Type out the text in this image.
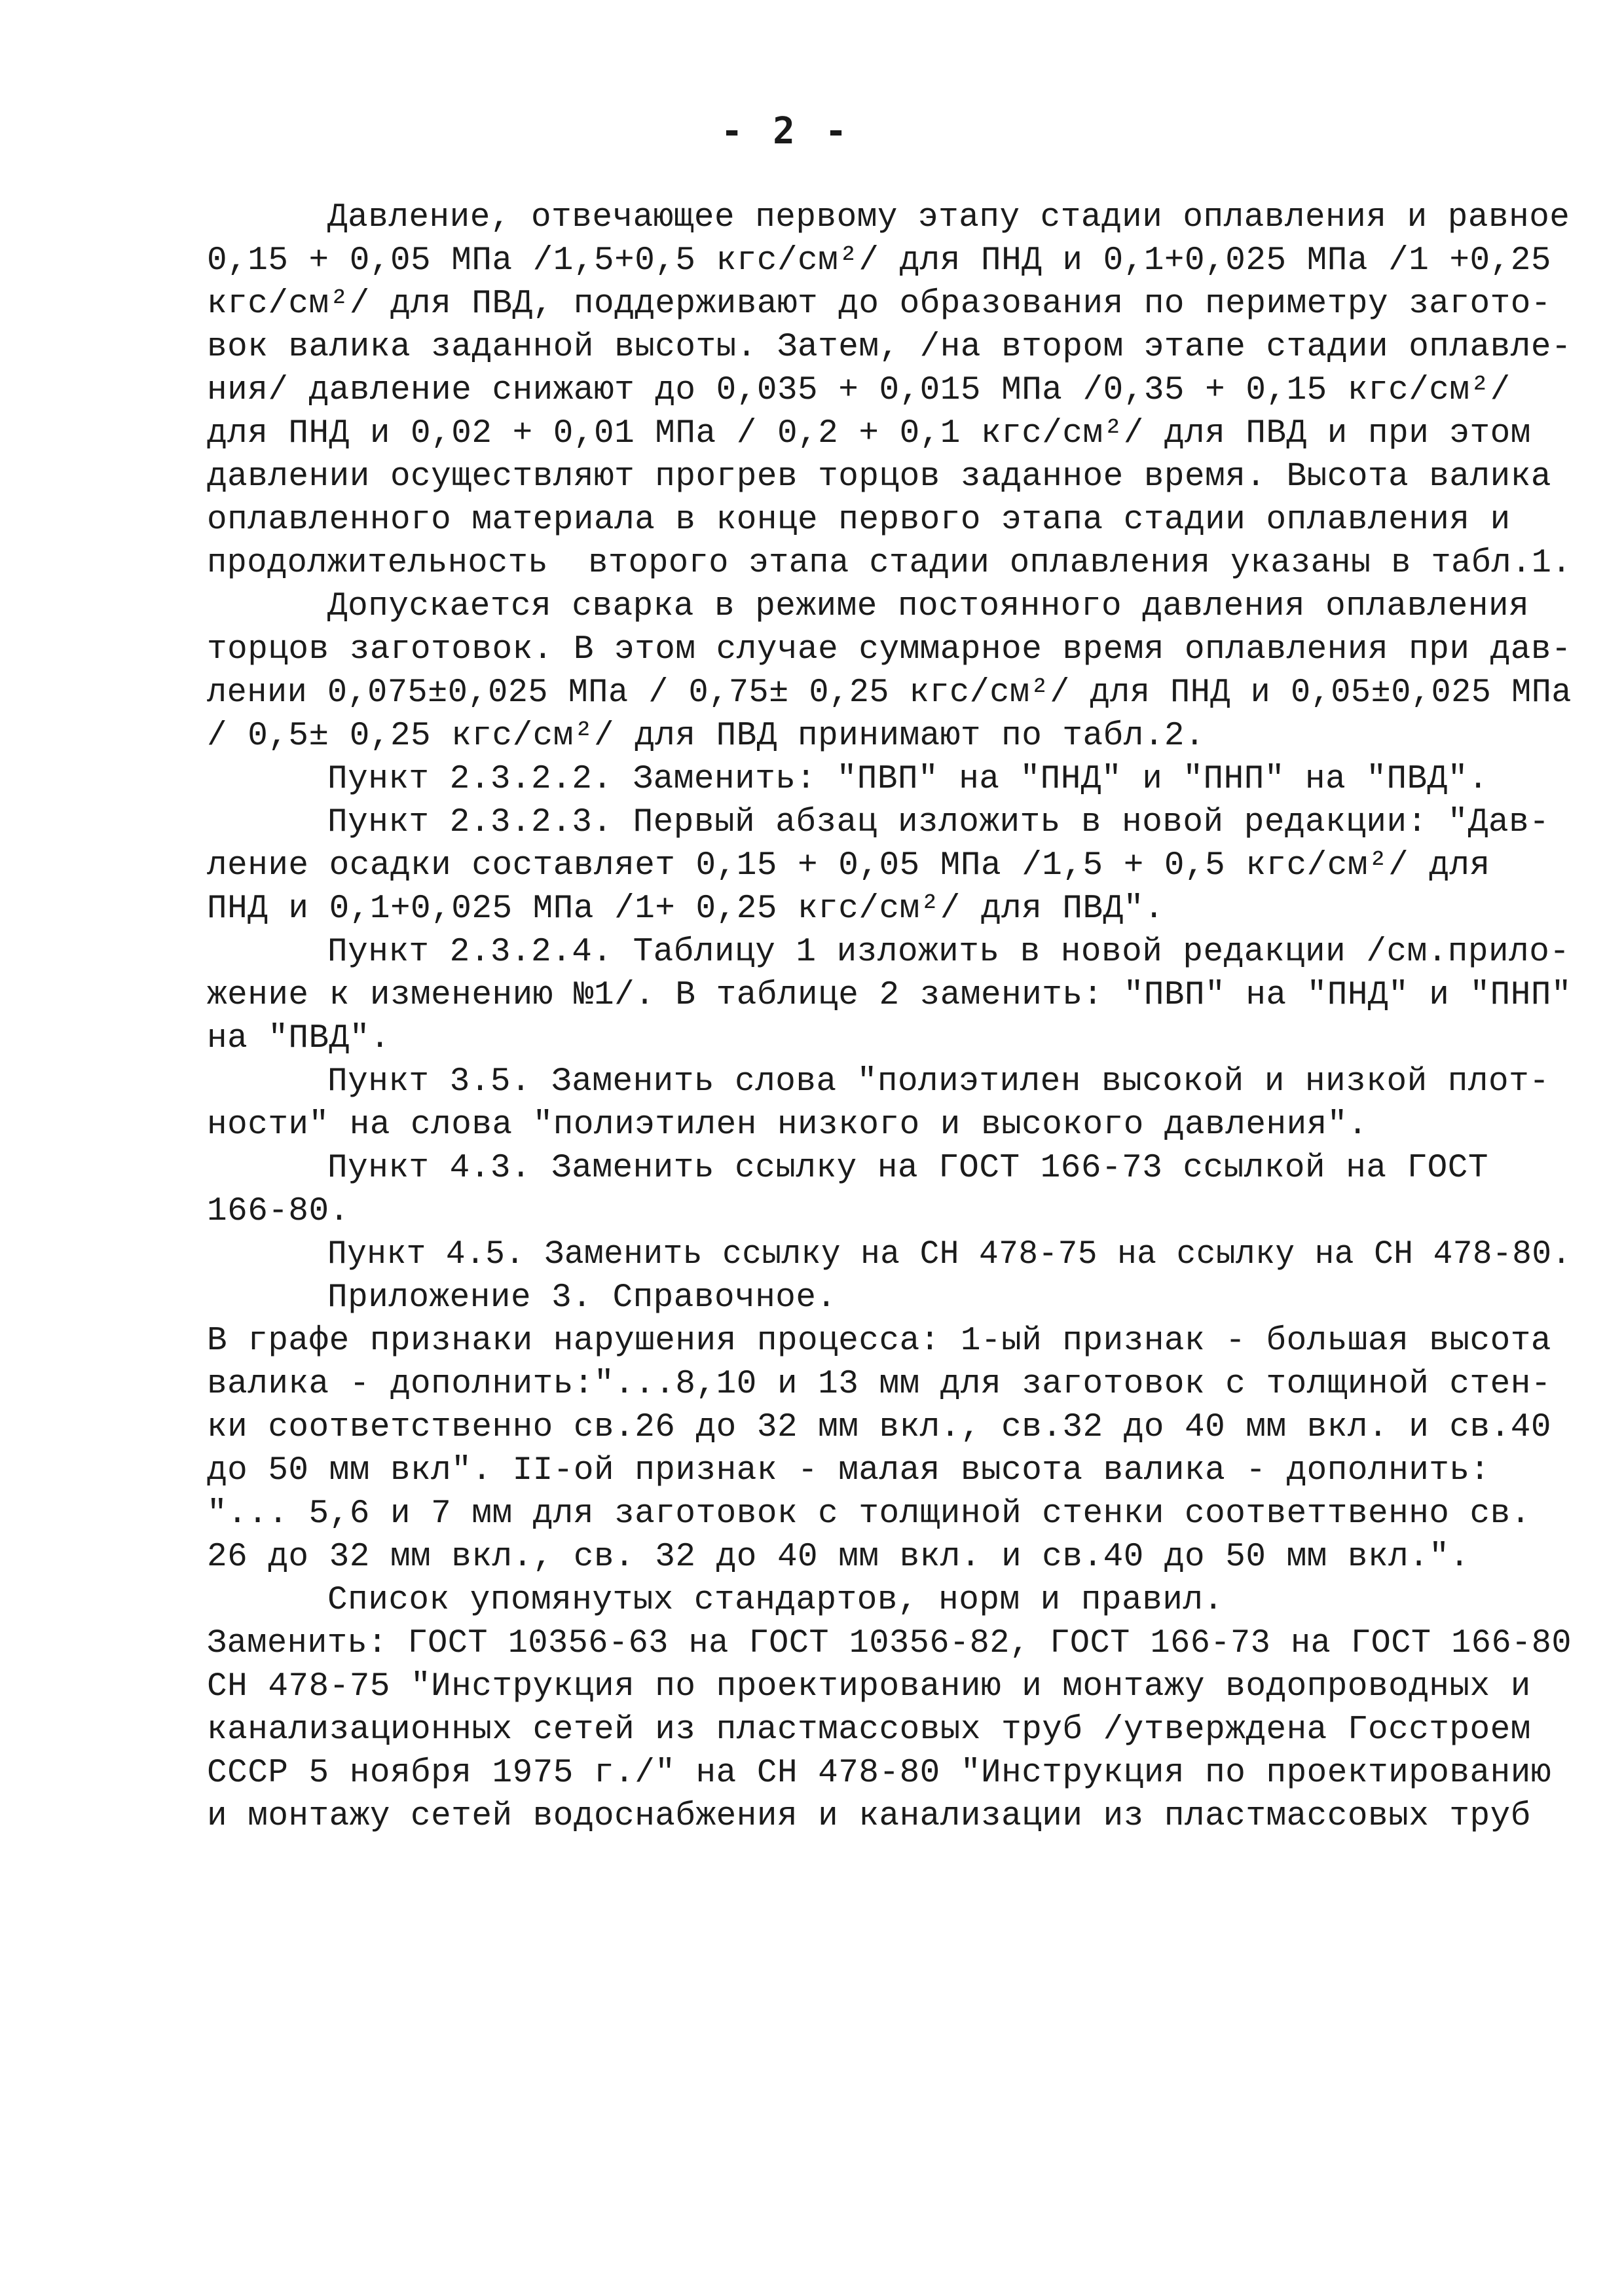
- 2 -
Давление, отвечающее первому этапу стадии оплавления и равное
0,15 + 0,05 МПа /1,5+0,5 кгс/см²/ для ПНД и 0,1+0,025 МПа /1 +0,25
кгс/см²/ для ПВД, поддерживают до образования по периметру загото-
вок валика заданной высоты. Затем, /на втором этапе стадии оплавле-
ния/ давление снижают до 0,035 + 0,015 МПа /0,35 + 0,15 кгс/см²/
для ПНД и 0,02 + 0,01 МПа / 0,2 + 0,1 кгс/см²/ для ПВД и при этом
давлении осуществляют прогрев торцов заданное время. Высота валика
оплавленного материала в конце первого этапа стадии оплавления и
продолжительность  второго этапа стадии оплавления указаны в табл.1.
Допускается сварка в режиме постоянного давления оплавления
торцов заготовок. В этом случае суммарное время оплавления при дав-
лении 0,075±0,025 МПа / 0,75± 0,25 кгс/см²/ для ПНД и 0,05±0,025 МПа
/ 0,5± 0,25 кгс/см²/ для ПВД принимают по табл.2.
Пункт 2.3.2.2. Заменить: "ПВП" на "ПНД" и "ПНП" на "ПВД".
Пункт 2.3.2.3. Первый абзац изложить в новой редакции: "Дав-
ление осадки составляет 0,15 + 0,05 МПа /1,5 + 0,5 кгс/см²/ для
ПНД и 0,1+0,025 МПа /1+ 0,25 кгс/см²/ для ПВД".
Пункт 2.3.2.4. Таблицу 1 изложить в новой редакции /см.прило-
жение к изменению №1/. В таблице 2 заменить: "ПВП" на "ПНД" и "ПНП"
на "ПВД".
Пункт 3.5. Заменить слова "полиэтилен высокой и низкой плот-
ности" на слова "полиэтилен низкого и высокого давления".
Пункт 4.3. Заменить ссылку на ГОСТ 166-73 ссылкой на ГОСТ
166-80.
Пункт 4.5. Заменить ссылку на СН 478-75 на ссылку на СН 478-80.
Приложение 3. Справочное.
В графе признаки нарушения процесса: 1-ый признак - большая высота
валика - дополнить:"...8,10 и 13 мм для заготовок с толщиной стен-
ки соответственно св.26 до 32 мм вкл., св.32 до 40 мм вкл. и св.40
до 50 мм вкл". II-ой признак - малая высота валика - дополнить:
"... 5,6 и 7 мм для заготовок с толщиной стенки соответтвенно св.
26 до 32 мм вкл., св. 32 до 40 мм вкл. и св.40 до 50 мм вкл.".
Список упомянутых стандартов, норм и правил.
Заменить: ГОСТ 10356-63 на ГОСТ 10356-82, ГОСТ 166-73 на ГОСТ 166-80
СН 478-75 "Инструкция по проектированию и монтажу водопроводных и
канализационных сетей из пластмассовых труб /утверждена Госстроем
СССР 5 ноября 1975 г./" на СН 478-80 "Инструкция по проектированию
и монтажу сетей водоснабжения и канализации из пластмассовых труб
